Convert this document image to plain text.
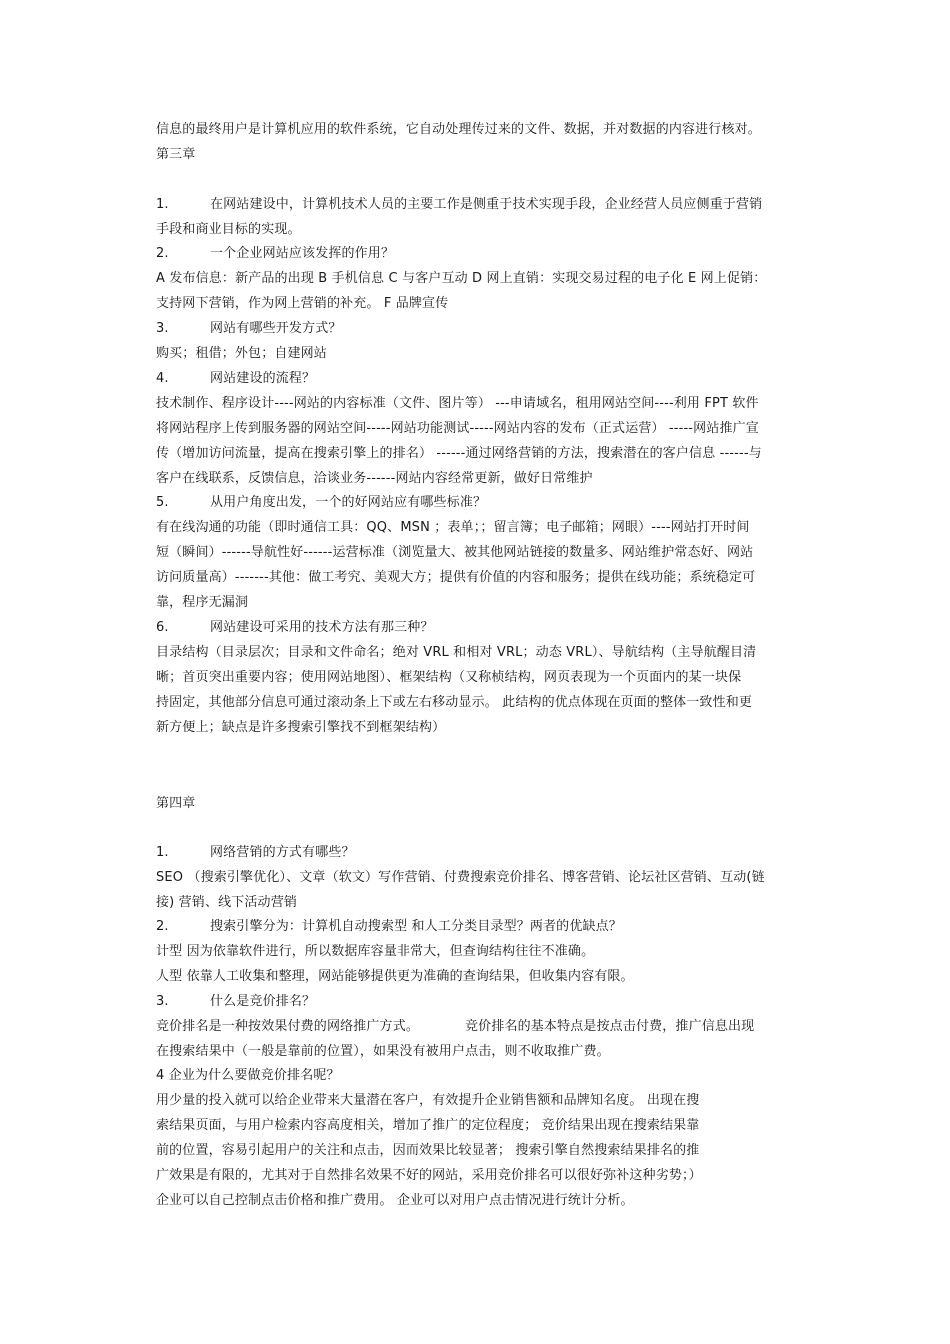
信息的最终用户是计算机应用的软件系统，它自动处理传过来的文件、数据，并对数据的内容进行核对。
第三章
1.	在网站建设中，计算机技术人员的主要工作是侧重于技术实现手段，企业经营人员应侧重于营销
手段和商业目标的实现。
2.	一个企业网站应该发挥的作用？
A 发布信息：新产品的出现 B 手机信息 C 与客户互动 D 网上直销：实现交易过程的电子化 E 网上促销：
支持网下营销，作为网上营销的补充。 F 品牌宣传
3.	网站有哪些开发方式？
购买；租借；外包；自建网站
4.	网站建设的流程？
技术制作、程序设计----网站的内容标准（文件、图片等） ---申请域名，租用网站空间----利用 FPT 软件
将网站程序上传到服务器的网站空间-----网站功能测试-----网站内容的发布（正式运营） -----网站推广宣
传（增加访问流量，提高在搜索引擎上的排名） ------通过网络营销的方法，搜索潜在的客户信息 ------与
客户在线联系，反馈信息，洽谈业务------网站内容经常更新，做好日常维护
5.	从用户角度出发，一个的好网站应有哪些标准？
有在线沟通的功能（即时通信工具：QQ、MSN ；表单；；留言簿；电子邮箱；网眼）----网站打开时间
短（瞬间）------导航性好------运营标准（浏览量大、被其他网站链接的数量多、网站维护常态好、网站
访问质量高）-------其他：做工考究、美观大方；提供有价值的内容和服务；提供在线功能；系统稳定可
靠，程序无漏洞
6.	网站建设可采用的技术方法有那三种？
目录结构（目录层次；目录和文件命名；绝对 VRL 和相对 VRL；动态 VRL）、导航结构（主导航醒目清
晰；首页突出重要内容；使用网站地图）、框架结构（又称桢结构，网页表现为一个页面内的某一块保
持固定，其他部分信息可通过滚动条上下或左右移动显示。 此结构的优点体现在页面的整体一致性和更
新方便上；缺点是许多搜索引擎找不到框架结构）
第四章
1.	网络营销的方式有哪些？
SEO （搜索引擎优化）、文章（软文）写作营销、付费搜索竞价排名、博客营销、论坛社区营销、互动(链
接) 营销、线下活动营销
2.	搜索引擎分为：计算机自动搜索型 和人工分类目录型？两者的优缺点？
计型 因为依靠软件进行，所以数据库容量非常大，但查询结构往往不准确。
人型 依靠人工收集和整理，网站能够提供更为准确的查询结果，但收集内容有限。
3.	什么是竞价排名？
竞价排名是一种按效果付费的网络推广方式。	竞价排名的基本特点是按点击付费，推广信息出现
在搜索结果中（一般是靠前的位置），如果没有被用户点击，则不收取推广费。
4 企业为什么要做竞价排名呢？
用少量的投入就可以给企业带来大量潜在客户，有效提升企业销售额和品牌知名度。 出现在搜
索结果页面，与用户检索内容高度相关，增加了推广的定位程度； 竞价结果出现在搜索结果靠
前的位置，容易引起用户的关注和点击，因而效果比较显著； 搜索引擎自然搜索结果排名的推
广效果是有限的，尤其对于自然排名效果不好的网站，采用竞价排名可以很好弥补这种劣势；）
企业可以自己控制点击价格和推广费用。 企业可以对用户点击情况进行统计分析。
